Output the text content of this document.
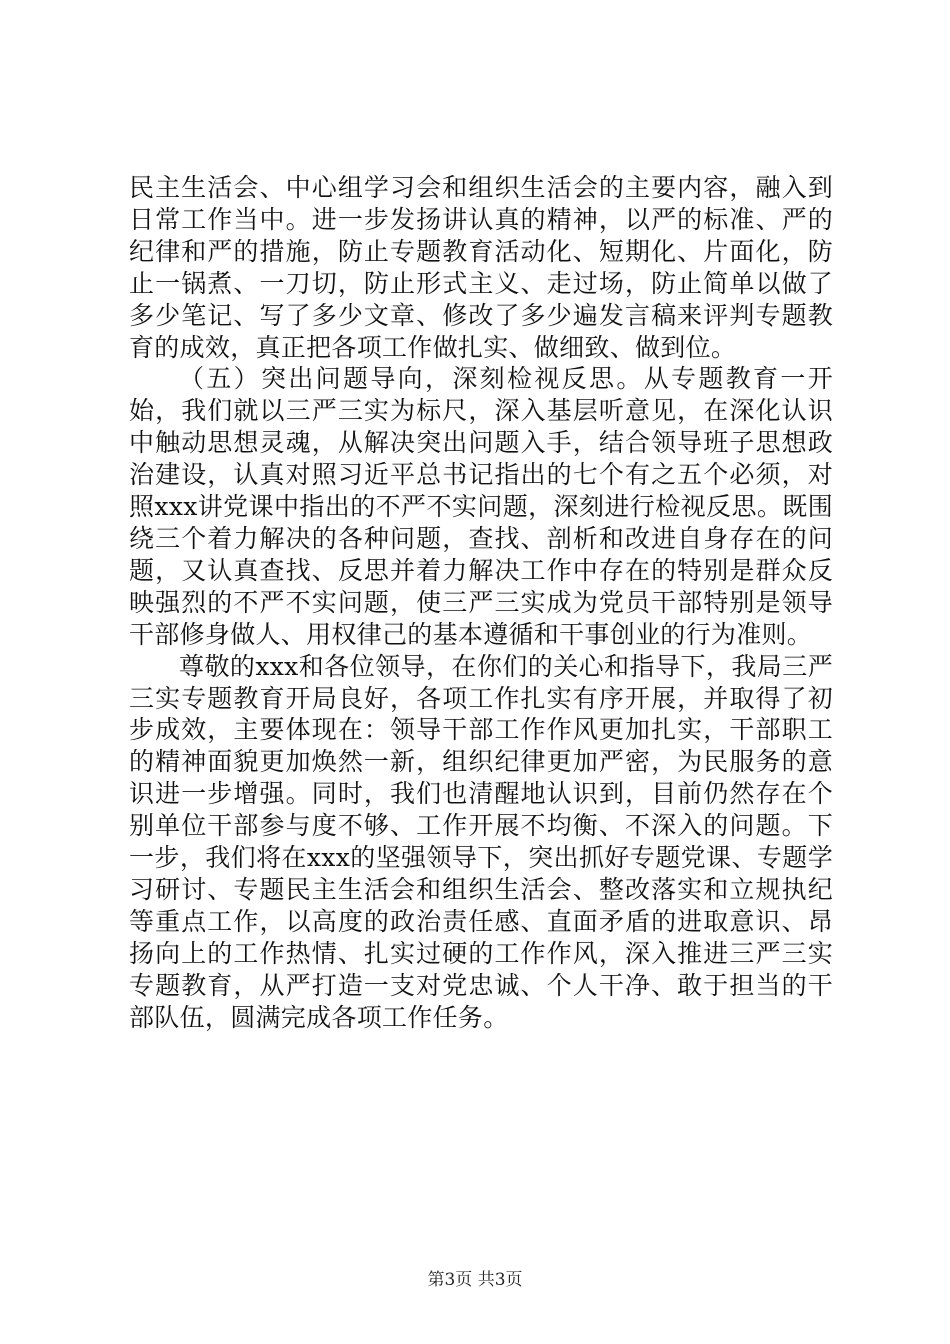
民主生活会、中心组学习会和组织生活会的主要内容，融入到日常工作当中。进一步发扬讲认真的精神，以严的标准、严的纪律和严的措施，防止专题教育活动化、短期化、片面化，防止一锅煮、一刀切，防止形式主义、走过场，防止简单以做了多少笔记、写了多少文章、修改了多少遍发言稿来评判专题教育的成效，真正把各项工作做扎实、做细致、做到位。

（五）突出问题导向，深刻检视反思。从专题教育一开始，我们就以三严三实为标尺，深入基层听意见，在深化认识中触动思想灵魂，从解决突出问题入手，结合领导班子思想政治建设，认真对照习近平总书记指出的七个有之五个必须，对照xxx讲党课中指出的不严不实问题，深刻进行检视反思。既围绕三个着力解决的各种问题，查找、剖析和改进自身存在的问题，又认真查找、反思并着力解决工作中存在的特别是群众反映强烈的不严不实问题，使三严三实成为党员干部特别是领导干部修身做人、用权律己的基本遵循和干事创业的行为准则。

尊敬的xxx和各位领导，在你们的关心和指导下，我局三严三实专题教育开局良好，各项工作扎实有序开展，并取得了初步成效，主要体现在：领导干部工作作风更加扎实，干部职工的精神面貌更加焕然一新，组织纪律更加严密，为民服务的意识进一步增强。同时，我们也清醒地认识到，目前仍然存在个别单位干部参与度不够、工作开展不均衡、不深入的问题。下一步，我们将在xxx的坚强领导下，突出抓好专题党课、专题学习研讨、专题民主生活会和组织生活会、整改落实和立规执纪等重点工作，以高度的政治责任感、直面矛盾的进取意识、昂扬向上的工作热情、扎实过硬的工作作风，深入推进三严三实专题教育，从严打造一支对党忠诚、个人干净、敢于担当的干部队伍，圆满完成各项工作任务。

第3页 共3页
